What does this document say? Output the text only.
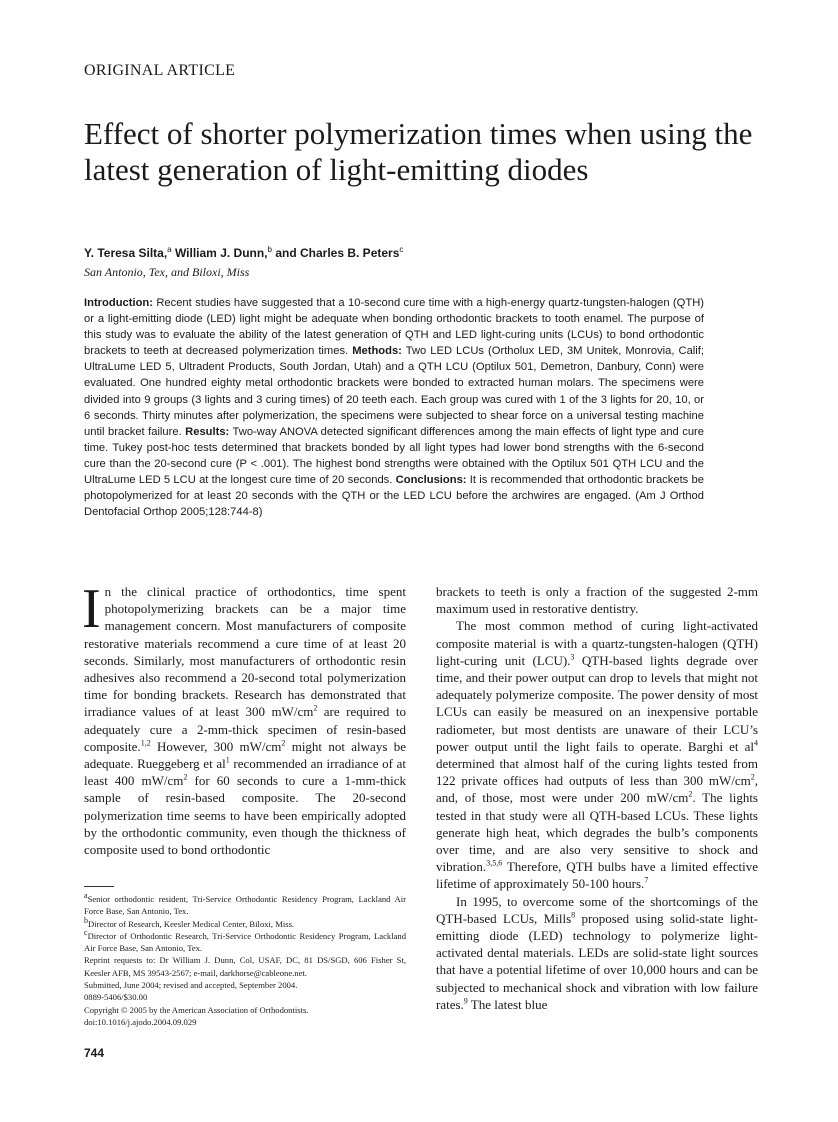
ORIGINAL ARTICLE
Effect of shorter polymerization times when using the latest generation of light-emitting diodes
Y. Teresa Silta,$^a$ William J. Dunn,$^b$ and Charles B. Peters$^c$
San Antonio, Tex, and Biloxi, Miss

Introduction: Recent studies have suggested that a 10-second cure time with a high-energy quartz-tungsten-halogen (QTH) or a light-emitting diode (LED) light might be adequate when bonding orthodontic brackets to tooth enamel. The purpose of this study was to evaluate the ability of the latest generation of QTH and LED light-curing units (LCUs) to bond orthodontic brackets to teeth at decreased polymerization times. Methods: Two LED LCUs (Ortholux LED, 3M Unitek, Monrovia, Calif; UltraLume LED 5, Ultradent Products, South Jordan, Utah) and a QTH LCU (Optilux 501, Demetron, Danbury, Conn) were evaluated. One hundred eighty metal orthodontic brackets were bonded to extracted human molars. The specimens were divided into 9 groups (3 lights and 3 curing times) of 20 teeth each. Each group was cured with 1 of the 3 lights for 20, 10, or 6 seconds. Thirty minutes after polymerization, the specimens were subjected to shear force on a universal testing machine until bracket failure. Results: Two-way ANOVA detected significant differences among the main effects of light type and cure time. Tukey post-hoc tests determined that brackets bonded by all light types had lower bond strengths with the 6-second cure than the 20-second cure (P < .001). The highest bond strengths were obtained with the Optilux 501 QTH LCU and the UltraLume LED 5 LCU at the longest cure time of 20 seconds. Conclusions: It is recommended that orthodontic brackets be photopolymerized for at least 20 seconds with the QTH or the LED LCU before the archwires are engaged. (Am J Orthod Dentofacial Orthop 2005;128:744-8)

In the clinical practice of orthodontics, time spent photopolymerizing brackets can be a major time management concern. Most manufacturers of composite restorative materials recommend a cure time of at least 20 seconds. Similarly, most manufacturers of orthodontic resin adhesives also recommend a 20-second total polymerization time for bonding brackets. Research has demonstrated that irradiance values of at least 300 $mW/cm^2$ are required to adequately cure a 2-mm-thick specimen of resin-based composite.$^{1,2}$ However, 300 $mW/cm^2$ might not always be adequate. Rueggeberg et $al^1$ recommended an irradiance of at least 400 $mW/cm^2$ for 60 seconds to cure a 1-mm-thick sample of resin-based composite. The 20-second polymerization time seems to have been empirically adopted by the orthodontic community, even though the thickness of composite used to bond orthodontic

brackets to teeth is only a fraction of the suggested 2-mm maximum used in restorative dentistry.

The most common method of curing light-activated composite material is with a quartz-tungsten-halogen (QTH) light-curing unit (LCU).$^3$ QTH-based lights degrade over time, and their power output can drop to levels that might not adequately polymerize composite. The power density of most LCUs can easily be measured on an inexpensive portable radiometer, but most dentists are unaware of their LCU’s power output until the light fails to operate. Barghi et $al^4$ determined that almost half of the curing lights tested from 122 private offices had outputs of less than 300 $mW/cm^2$, and, of those, most were under 200 $mW/cm^2$. The lights tested in that study were all QTH-based LCUs. These lights generate high heat, which degrades the bulb’s components over time, and are also very sensitive to shock and vibration.$^{3,5,6}$ Therefore, QTH bulbs have a limited effective lifetime of approximately 50-100 hours.$^7$

In 1995, to overcome some of the shortcomings of the QTH-based LCUs, Mills$^8$ proposed using solid-state light-emitting diode (LED) technology to polymerize light-activated dental materials. LEDs are solid-state light sources that have a potential lifetime of over 10,000 hours and can be subjected to mechanical shock and vibration with low failure rates.$^9$ The latest blue

$^a$Senior orthodontic resident, Tri-Service Orthodontic Residency Program, Lackland Air Force Base, San Antonio, Tex.
$^b$Director of Research, Keesler Medical Center, Biloxi, Miss.
$^c$Director of Orthodontic Research, Tri-Service Orthodontic Residency Program, Lackland Air Force Base, San Antonio, Tex.
Reprint requests to: Dr William J. Dunn, Col, USAF, DC, 81 DS/SGD, 606 Fisher St, Keesler AFB, MS 39543-2567; e-mail, darkhorse@cableone.net.
Submitted, June 2004; revised and accepted, September 2004.
0889-5406/$30.00
Copyright © 2005 by the American Association of Orthodontists.
doi:10.1016/j.ajodo.2004.09.029
744
